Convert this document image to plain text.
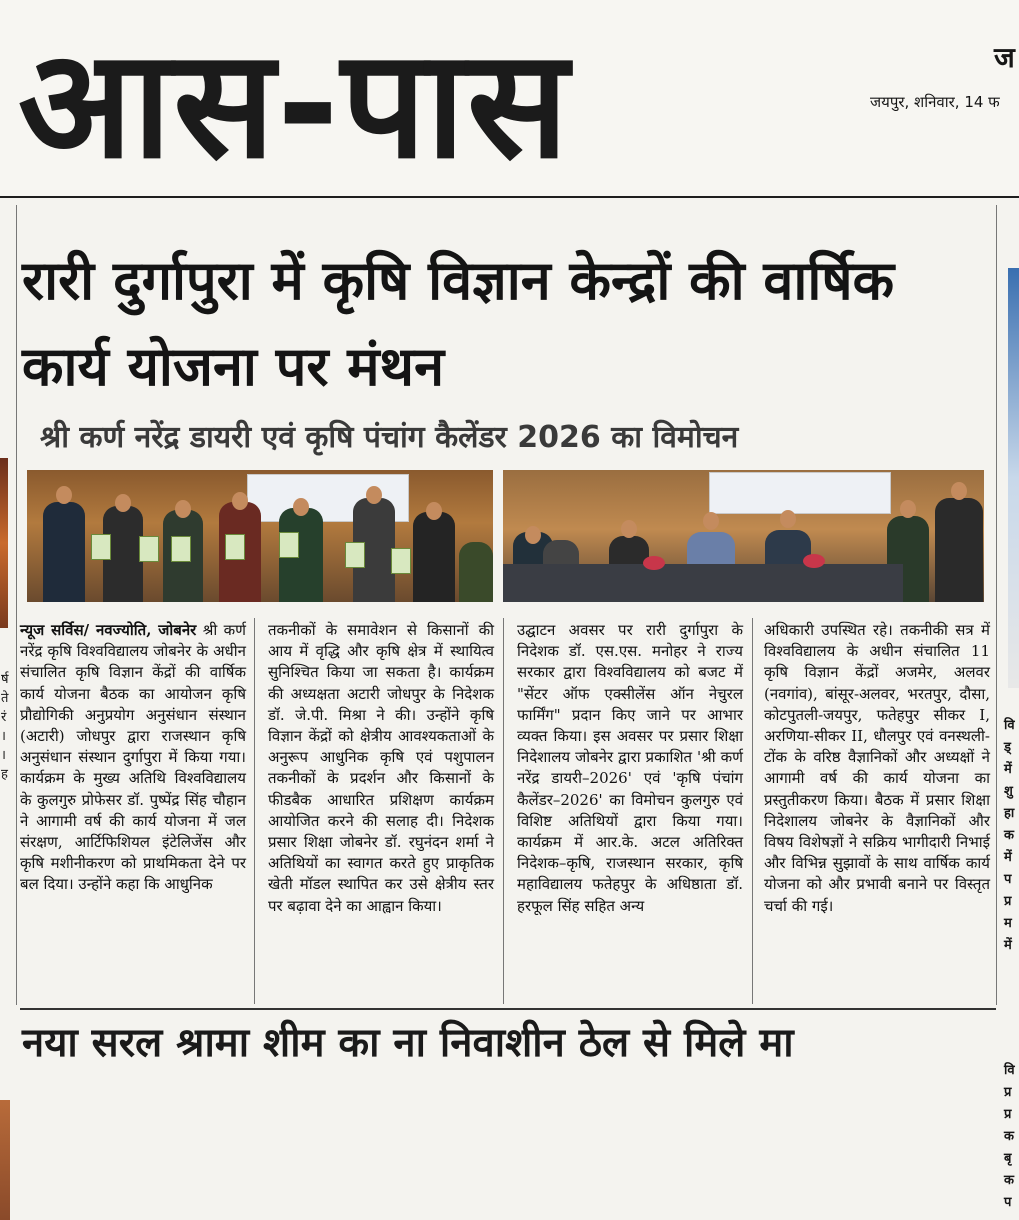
आस-पास	ज
जयपुर, शनिवार, 14 फ
र्ष
ते
रं
।
।
ह
वि
ड्
में
शु
हा
क
में
प
प्र
म
में
वि
प्र
प्र
क
बृ
क
प
रारी दुर्गापुरा में कृषि विज्ञान केन्द्रों की वार्षिक कार्य योजना पर मंथन
श्री कर्ण नरेंद्र डायरी एवं कृषि पंचांग कैलेंडर 2026 का विमोचन
न्यूज सर्विस/ नवज्योति, जोबनेर श्री कर्ण नरेंद्र कृषि विश्वविद्यालय जोबनेर के अधीन संचालित कृषि विज्ञान केंद्रों की वार्षिक कार्य योजना बैठक का आयोजन कृषि प्रौद्योगिकी अनुप्रयोग अनुसंधान संस्थान (अटारी) जोधपुर द्वारा राजस्थान कृषि अनुसंधान संस्थान दुर्गापुरा में किया गया। कार्यक्रम के मुख्य अतिथि विश्वविद्यालय के कुलगुरु प्रोफेसर डॉ. पुष्पेंद्र सिंह चौहान ने आगामी वर्ष की कार्य योजना में जल संरक्षण, आर्टिफिशियल इंटेलिजेंस और कृषि मशीनीकरण को प्राथमिकता देने पर बल दिया। उन्होंने कहा कि आधुनिक
तकनीकों के समावेशन से किसानों की आय में वृद्धि और कृषि क्षेत्र में स्थायित्व सुनिश्चित किया जा सकता है। कार्यक्रम की अध्यक्षता अटारी जोधपुर के निदेशक डॉ. जे.पी. मिश्रा ने की। उन्होंने कृषि विज्ञान केंद्रों को क्षेत्रीय आवश्यकताओं के अनुरूप आधुनिक कृषि एवं पशुपालन तकनीकों के प्रदर्शन और किसानों के फीडबैक आधारित प्रशिक्षण कार्यक्रम आयोजित करने की सलाह दी। निदेशक प्रसार शिक्षा जोबनेर डॉ. रघुनंदन शर्मा ने अतिथियों का स्वागत करते हुए प्राकृतिक खेती मॉडल स्थापित कर उसे क्षेत्रीय स्तर पर बढ़ावा देने का आह्वान किया।
उद्घाटन अवसर पर रारी दुर्गापुरा के निदेशक डॉ. एस.एस. मनोहर ने राज्य सरकार द्वारा विश्वविद्यालय को बजट में "सेंटर ऑफ एक्सीलेंस ऑन नेचुरल फार्मिंग" प्रदान किए जाने पर आभार व्यक्त किया। इस अवसर पर प्रसार शिक्षा निदेशालय जोबनेर द्वारा प्रकाशित 'श्री कर्ण नरेंद्र डायरी–2026' एवं 'कृषि पंचांग कैलेंडर–2026' का विमोचन कुलगुरु एवं विशिष्ट अतिथियों द्वारा किया गया। कार्यक्रम में आर.के. अटल अतिरिक्त निदेशक–कृषि, राजस्थान सरकार, कृषि महाविद्यालय फतेहपुर के अधिष्ठाता डॉ. हरफूल सिंह सहित अन्य
अधिकारी उपस्थित रहे। तकनीकी सत्र में विश्वविद्यालय के अधीन संचालित 11 कृषि विज्ञान केंद्रों अजमेर, अलवर (नवगांव), बांसूर-अलवर, भरतपुर, दौसा, कोटपुतली-जयपुर, फतेहपुर सीकर I, अरणिया-सीकर II, धौलपुर एवं वनस्थली-टोंक के वरिष्ठ वैज्ञानिकों और अध्यक्षों ने आगामी वर्ष की कार्य योजना का प्रस्तुतीकरण किया। बैठक में प्रसार शिक्षा निदेशालय जोबनेर के वैज्ञानिकों और विषय विशेषज्ञों ने सक्रिय भागीदारी निभाई और विभिन्न सुझावों के साथ वार्षिक कार्य योजना को और प्रभावी बनाने पर विस्तृत चर्चा की गई।
नया सरल श्रामा शीम का ना निवाशीन ठेल से मिले मा
